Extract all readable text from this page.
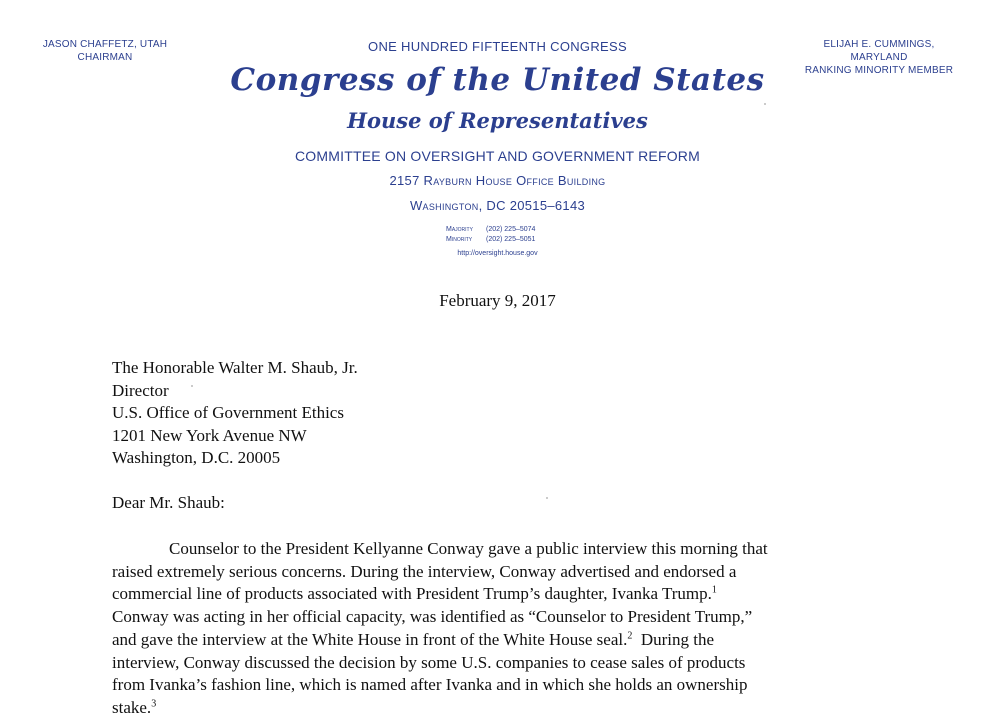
JASON CHAFFETZ, UTAH
CHAIRMAN
ELIJAH E. CUMMINGS, MARYLAND
RANKING MINORITY MEMBER
ONE HUNDRED FIFTEENTH CONGRESS
Congress of the United States
House of Representatives
COMMITTEE ON OVERSIGHT AND GOVERNMENT REFORM
2157 Rayburn House Office Building
Washington, DC 20515–6143
Majority (202) 225–5074
Minority (202) 225–5051
http://oversight.house.gov
February 9, 2017
The Honorable Walter M. Shaub, Jr.
Director
U.S. Office of Government Ethics
1201 New York Avenue NW
Washington, D.C. 20005
Dear Mr. Shaub:
Counselor to the President Kellyanne Conway gave a public interview this morning that
raised extremely serious concerns. During the interview, Conway advertised and endorsed a
commercial line of products associated with President Trump’s daughter, Ivanka Trump.$^1$
Conway was acting in her official capacity, was identified as “Counselor to President Trump,”
and gave the interview at the White House in front of the White House seal.$^2$  During the
interview, Conway discussed the decision by some U.S. companies to cease sales of products
from Ivanka’s fashion line, which is named after Ivanka and in which she holds an ownership
stake.$^3$
